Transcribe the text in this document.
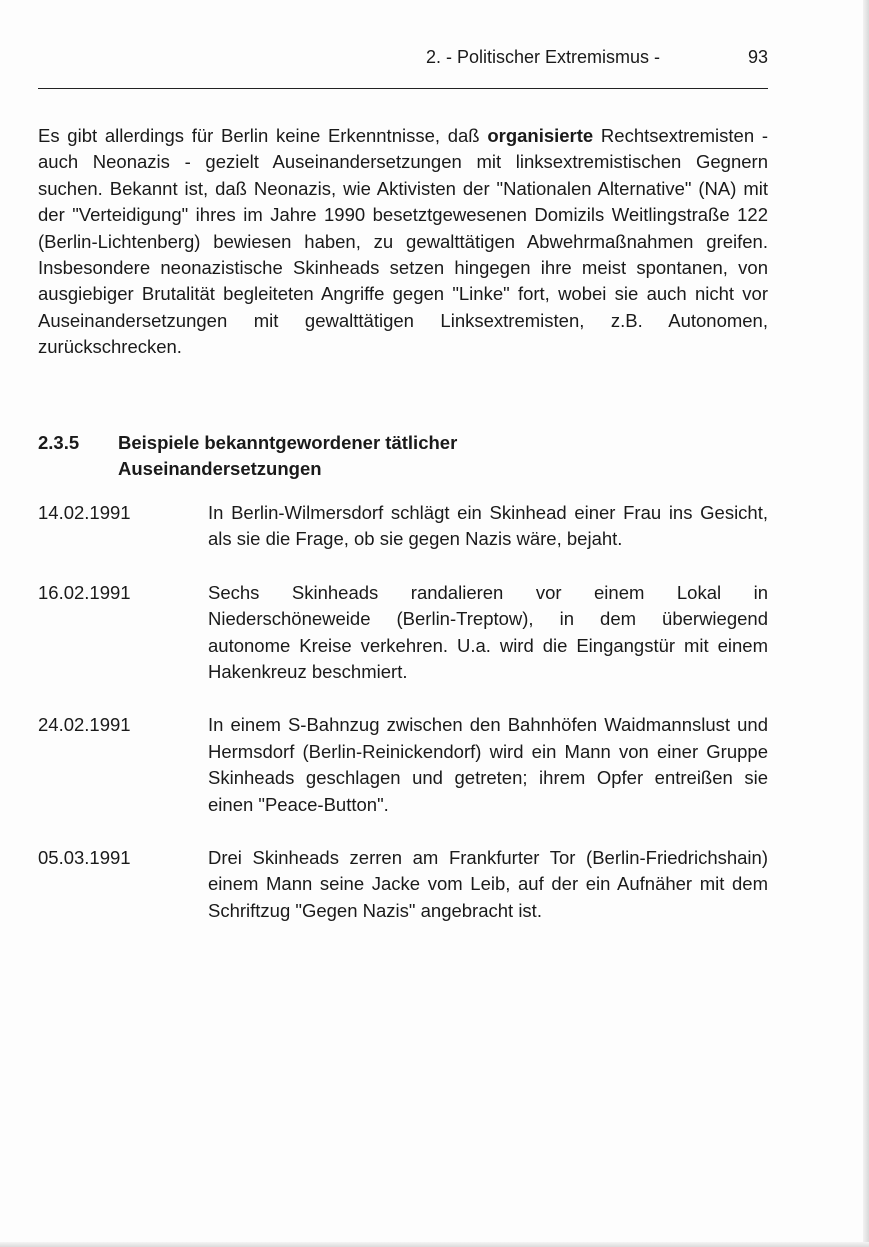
2. - Politischer Extremismus -	93

Es gibt allerdings für Berlin keine Erkenntnisse, daß organisierte Rechtsextremisten - auch Neonazis - gezielt Auseinandersetzungen mit linksextremistischen Gegnern suchen. Bekannt ist, daß Neonazis, wie Aktivisten der "Nationalen Alternative" (NA) mit der "Verteidigung" ihres im Jahre 1990 besetztgewesenen Domizils Weitlingstraße 122 (Berlin-Lichtenberg) bewiesen haben, zu gewalttätigen Abwehrmaßnahmen greifen. Insbesondere neonazistische Skinheads setzen hingegen ihre meist spontanen, von ausgiebiger Brutalität begleiteten Angriffe gegen "Linke" fort, wobei sie auch nicht vor Auseinandersetzungen mit gewalttätigen Linksextremisten, z.B. Autonomen, zurückschrecken.

2.3.5 Beispiele bekanntgewordener tätlicher Auseinandersetzungen
14.02.1991	In Berlin-Wilmersdorf schlägt ein Skinhead einer Frau ins Gesicht, als sie die Frage, ob sie gegen Nazis wäre, bejaht.
16.02.1991	Sechs Skinheads randalieren vor einem Lokal in Niederschöneweide (Berlin-Treptow), in dem überwiegend autonome Kreise verkehren. U.a. wird die Eingangstür mit einem Hakenkreuz beschmiert.
24.02.1991	In einem S-Bahnzug zwischen den Bahnhöfen Waidmannslust und Hermsdorf (Berlin-Reinickendorf) wird ein Mann von einer Gruppe Skinheads geschlagen und getreten; ihrem Opfer entreißen sie einen "Peace-Button".
05.03.1991	Drei Skinheads zerren am Frankfurter Tor (Berlin-Friedrichshain) einem Mann seine Jacke vom Leib, auf der ein Aufnäher mit dem Schriftzug "Gegen Nazis" angebracht ist.
